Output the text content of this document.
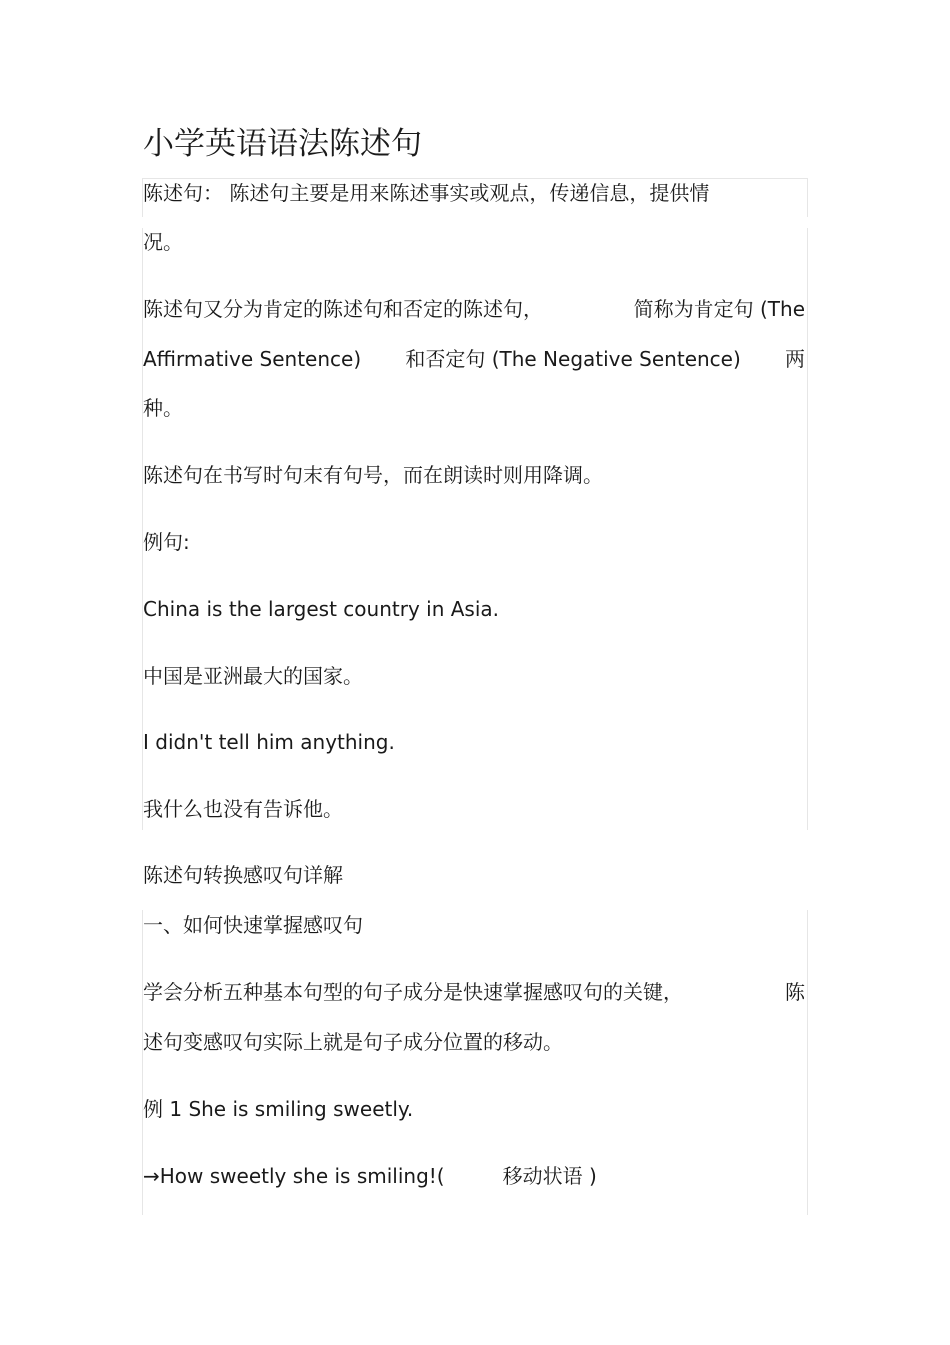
小学英语语法陈述句

陈述句： 陈述句主要是用来陈述事实或观点，传递信息，提供情

况。

陈述句又分为肯定的陈述句和否定的陈述句，	简称为肯定句 (The

Affirmative Sentence) 和否定句 (The Negative Sentence) 两

种。

陈述句在书写时句末有句号，而在朗读时则用降调。

例句:

China is the largest country in Asia.

中国是亚洲最大的国家。

I didn't tell him anything.

我什么也没有告诉他。

陈述句转换感叹句详解

一、如何快速掌握感叹句

学会分析五种基本句型的句子成分是快速掌握感叹句的关键，	陈

述句变感叹句实际上就是句子成分位置的移动。

例 1 She is smiling sweetly.

→How sweetly she is smiling!(	移动状语 )
